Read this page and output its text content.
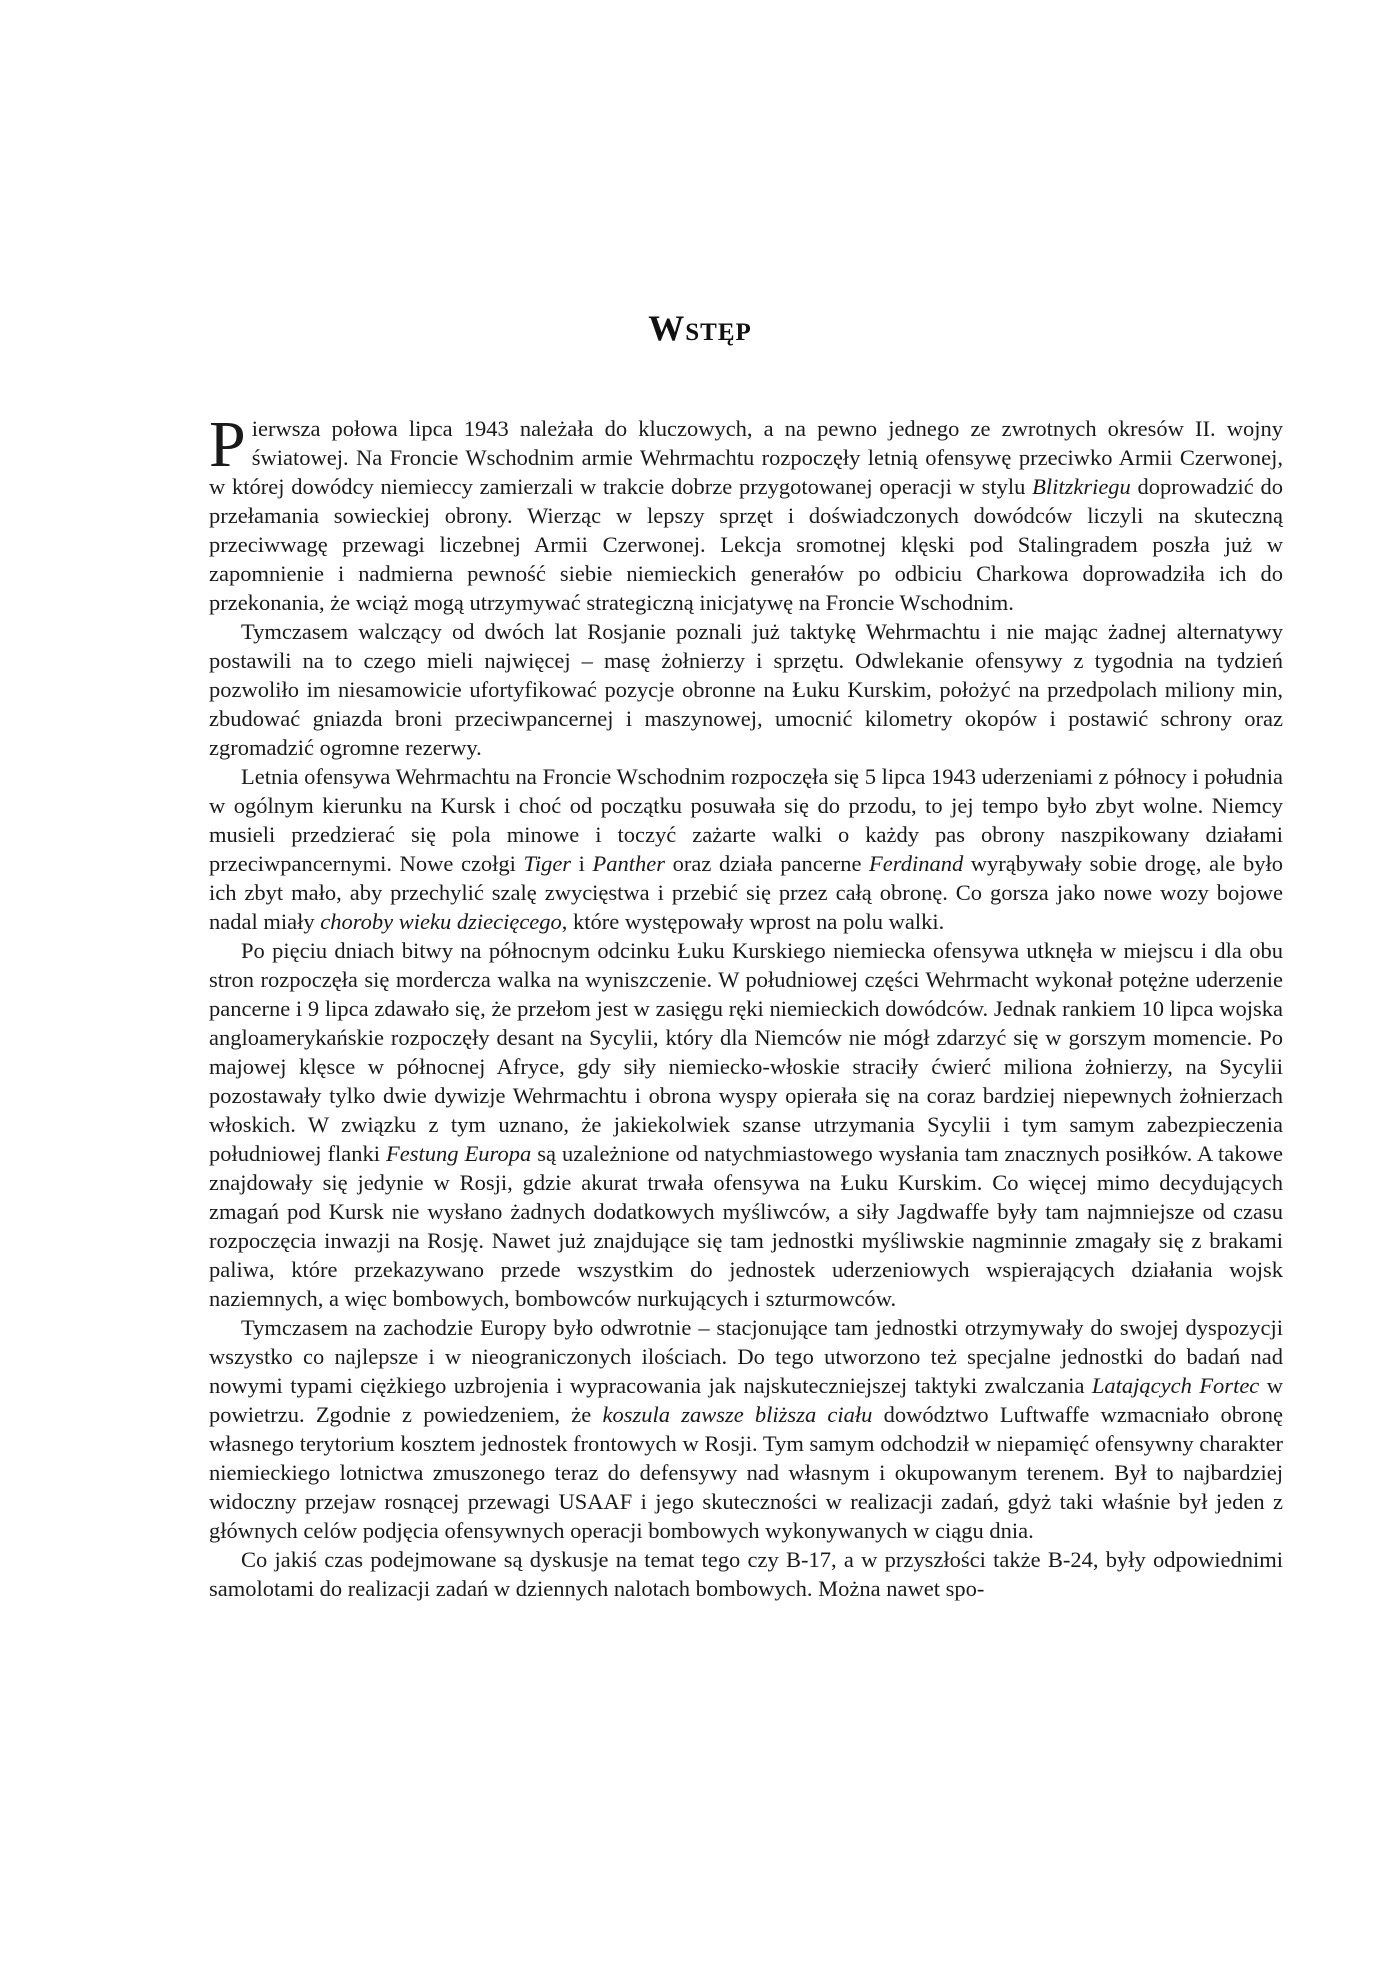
Wstęp

Pierwsza połowa lipca 1943 należała do kluczowych, a na pewno jednego ze zwrotnych okresów II. wojny światowej. Na Froncie Wschodnim armie Wehrmachtu rozpoczęły letnią ofensywę przeciwko Armii Czerwonej, w której dowódcy niemieccy zamierzali w trakcie dobrze przygotowanej operacji w stylu Blitzkriegu doprowadzić do przełamania sowieckiej obrony. Wierząc w lepszy sprzęt i doświadczonych dowódców liczyli na skuteczną przeciwwagę przewagi liczebnej Armii Czerwonej. Lekcja sromotnej klęski pod Stalingradem poszła już w zapomnienie i nadmierna pewność siebie niemieckich generałów po odbiciu Charkowa doprowadziła ich do przekonania, że wciąż mogą utrzymywać strategiczną inicjatywę na Froncie Wschodnim.

Tymczasem walczący od dwóch lat Rosjanie poznali już taktykę Wehrmachtu i nie mając żadnej alternatywy postawili na to czego mieli najwięcej – masę żołnierzy i sprzętu. Odwlekanie ofensywy z tygodnia na tydzień pozwoliło im niesamowicie ufortyfikować pozycje obronne na Łuku Kurskim, położyć na przedpolach miliony min, zbudować gniazda broni przeciwpancernej i maszynowej, umocnić kilometry okopów i postawić schrony oraz zgromadzić ogromne rezerwy.

Letnia ofensywa Wehrmachtu na Froncie Wschodnim rozpoczęła się 5 lipca 1943 uderzeniami z północy i południa w ogólnym kierunku na Kursk i choć od początku posuwała się do przodu, to jej tempo było zbyt wolne. Niemcy musieli przedzierać się pola minowe i toczyć zażarte walki o każdy pas obrony naszpikowany działami przeciwpancernymi. Nowe czołgi Tiger i Panther oraz działa pancerne Ferdinand wyrąbywały sobie drogę, ale było ich zbyt mało, aby przechylić szalę zwycięstwa i przebić się przez całą obronę. Co gorsza jako nowe wozy bojowe nadal miały choroby wieku dziecięcego, które występowały wprost na polu walki.

Po pięciu dniach bitwy na północnym odcinku Łuku Kurskiego niemiecka ofensywa utknęła w miejscu i dla obu stron rozpoczęła się mordercza walka na wyniszczenie. W południowej części Wehrmacht wykonał potężne uderzenie pancerne i 9 lipca zdawało się, że przełom jest w zasięgu ręki niemieckich dowódców. Jednak rankiem 10 lipca wojska angloamerykańskie rozpoczęły desant na Sycylii, który dla Niemców nie mógł zdarzyć się w gorszym momencie. Po majowej klęsce w północnej Afryce, gdy siły niemiecko-włoskie straciły ćwierć miliona żołnierzy, na Sycylii pozostawały tylko dwie dywizje Wehrmachtu i obrona wyspy opierała się na coraz bardziej niepewnych żołnierzach włoskich. W związku z tym uznano, że jakiekolwiek szanse utrzymania Sycylii i tym samym zabezpieczenia południowej flanki Festung Europa są uzależnione od natychmiastowego wysłania tam znacznych posiłków. A takowe znajdowały się jedynie w Rosji, gdzie akurat trwała ofensywa na Łuku Kurskim. Co więcej mimo decydujących zmagań pod Kursk nie wysłano żadnych dodatkowych myśliwców, a siły Jagdwaffe były tam najmniejsze od czasu rozpoczęcia inwazji na Rosję. Nawet już znajdujące się tam jednostki myśliwskie nagminnie zmagały się z brakami paliwa, które przekazywano przede wszystkim do jednostek uderzeniowych wspierających działania wojsk naziemnych, a więc bombowych, bombowców nurkujących i szturmowców.

Tymczasem na zachodzie Europy było odwrotnie – stacjonujące tam jednostki otrzymywały do swojej dyspozycji wszystko co najlepsze i w nieograniczonych ilościach. Do tego utworzono też specjalne jednostki do badań nad nowymi typami ciężkiego uzbrojenia i wypracowania jak najskuteczniejszej taktyki zwalczania Latających Fortec w powietrzu. Zgodnie z powiedzeniem, że koszula zawsze bliższa ciału dowództwo Luftwaffe wzmacniało obronę własnego terytorium kosztem jednostek frontowych w Rosji. Tym samym odchodził w niepamięć ofensywny charakter niemieckiego lotnictwa zmuszonego teraz do defensywy nad własnym i okupowanym terenem. Był to najbardziej widoczny przejaw rosnącej przewagi USAAF i jego skuteczności w realizacji zadań, gdyż taki właśnie był jeden z głównych celów podjęcia ofensywnych operacji bombowych wykonywanych w ciągu dnia.

Co jakiś czas podejmowane są dyskusje na temat tego czy B-17, a w przyszłości także B-24, były odpowiednimi samolotami do realizacji zadań w dziennych nalotach bombowych. Można nawet spo-
